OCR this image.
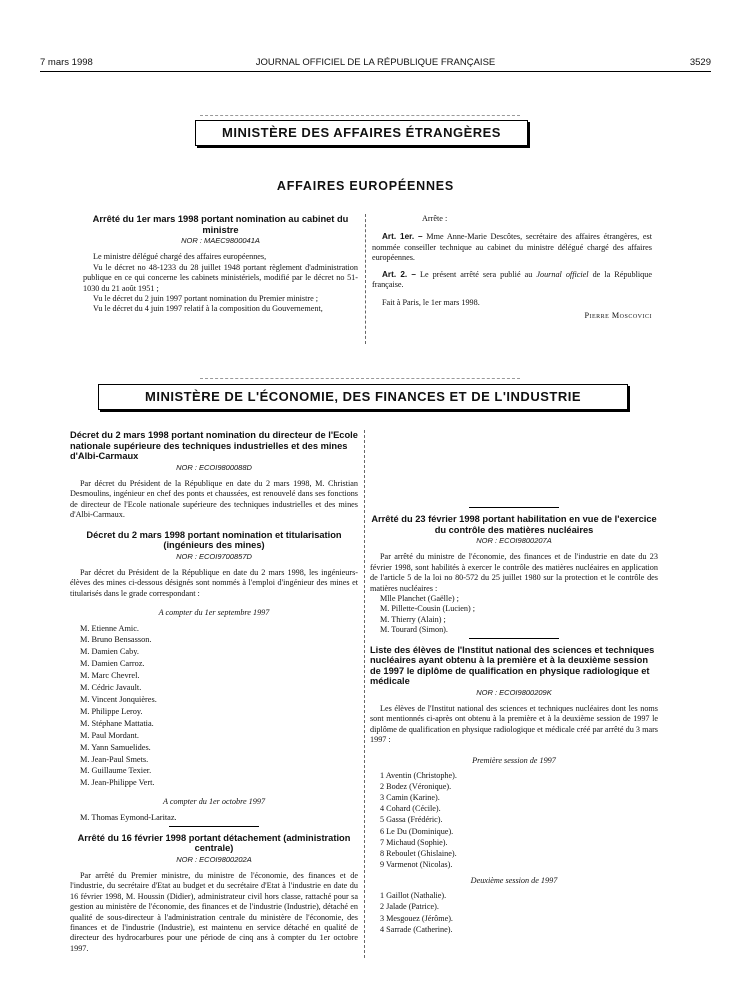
7 mars 1998	JOURNAL OFFICIEL DE LA RÉPUBLIQUE FRANÇAISE	3529
MINISTÈRE DES AFFAIRES ÉTRANGÈRES
AFFAIRES EUROPÉENNES
Arrêté du 1er mars 1998 portant nomination au cabinet du ministre
NOR : MAEC9800041A

Le ministre délégué chargé des affaires européennes,

Vu le décret no 48-1233 du 28 juillet 1948 portant règlement d'administration publique en ce qui concerne les cabinets ministériels, modifié par le décret no 51-1030 du 21 août 1951 ;

Vu le décret du 2 juin 1997 portant nomination du Premier ministre ;

Vu le décret du 4 juin 1997 relatif à la composition du Gouvernement,

Arrête :

Art. 1er. – Mme Anne-Marie Descôtes, secrétaire des affaires étrangères, est nommée conseiller technique au cabinet du ministre délégué chargé des affaires européennes.

Art. 2. – Le présent arrêté sera publié au Journal officiel de la République française.

Fait à Paris, le 1er mars 1998.

Pierre Moscovici
MINISTÈRE DE L'ÉCONOMIE, DES FINANCES ET DE L'INDUSTRIE
Décret du 2 mars 1998 portant nomination du directeur de l'Ecole nationale supérieure des techniques industrielles et des mines d'Albi-Carmaux
NOR : ECOI9800088D

Par décret du Président de la République en date du 2 mars 1998, M. Christian Desmoulins, ingénieur en chef des ponts et chaussées, est renouvelé dans ses fonctions de directeur de l'Ecole nationale supérieure des techniques industrielles et des mines d'Albi-Carmaux.

Décret du 2 mars 1998 portant nomination et titularisation (ingénieurs des mines)
NOR : ECOI9700857D

Par décret du Président de la République en date du 2 mars 1998, les ingénieurs-élèves des mines ci-dessous désignés sont nommés à l'emploi d'ingénieur des mines et titularisés dans le grade correspondant :

A compter du 1er septembre 1997
M. Etienne Amic.
M. Bruno Bensasson.
M. Damien Caby.
M. Damien Carroz.
M. Marc Chevrel.
M. Cédric Javault.
M. Vincent Jonquières.
M. Philippe Leroy.
M. Stéphane Mattatia.
M. Paul Mordant.
M. Yann Samuelides.
M. Jean-Paul Smets.
M. Guillaume Texier.
M. Jean-Philippe Vert.
A compter du 1er octobre 1997
M. Thomas Eymond-Laritaz.
Arrêté du 16 février 1998 portant détachement (administration centrale)
NOR : ECOI9800202A

Par arrêté du Premier ministre, du ministre de l'économie, des finances et de l'industrie, du secrétaire d'Etat au budget et du secrétaire d'Etat à l'industrie en date du 16 février 1998, M. Houssin (Didier), administrateur civil hors classe, rattaché pour sa gestion au ministère de l'économie, des finances et de l'industrie (Industrie), détaché en qualité de sous-directeur à l'administration centrale du ministère de l'économie, des finances et de l'industrie (Industrie), est maintenu en service détaché en qualité de directeur des hydrocarbures pour une période de cinq ans à compter du 1er octobre 1997.

Arrêté du 23 février 1998 portant habilitation en vue de l'exercice du contrôle des matières nucléaires
NOR : ECOI9800207A

Par arrêté du ministre de l'économie, des finances et de l'industrie en date du 23 février 1998, sont habilités à exercer le contrôle des matières nucléaires en application de l'article 5 de la loi no 80-572 du 25 juillet 1980 sur la protection et le contrôle des matières nucléaires :

Mlle Planchet (Gaëlle) ;
M. Pillette-Cousin (Lucien) ;
M. Thierry (Alain) ;
M. Tourard (Simon).
Liste des élèves de l'Institut national des sciences et techniques nucléaires ayant obtenu à la première et à la deuxième session de 1997 le diplôme de qualification en physique radiologique et médicale
NOR : ECOI9800209K

Les élèves de l'Institut national des sciences et techniques nucléaires dont les noms sont mentionnés ci-après ont obtenu à la première et à la deuxième session de 1997 le diplôme de qualification en physique radiologique et médicale créé par arrêté du 3 mars 1997 :

Première session de 1997
1 Aventin (Christophe).
2 Bodez (Véronique).
3 Camin (Karine).
4 Cohard (Cécile).
5 Gassa (Frédéric).
6 Le Du (Dominique).
7 Michaud (Sophie).
8 Reboulet (Ghislaine).
9 Varmenot (Nicolas).
Deuxième session de 1997
1 Gaillot (Nathalie).
2 Jalade (Patrice).
3 Mesgouez (Jérôme).
4 Sarrade (Catherine).
